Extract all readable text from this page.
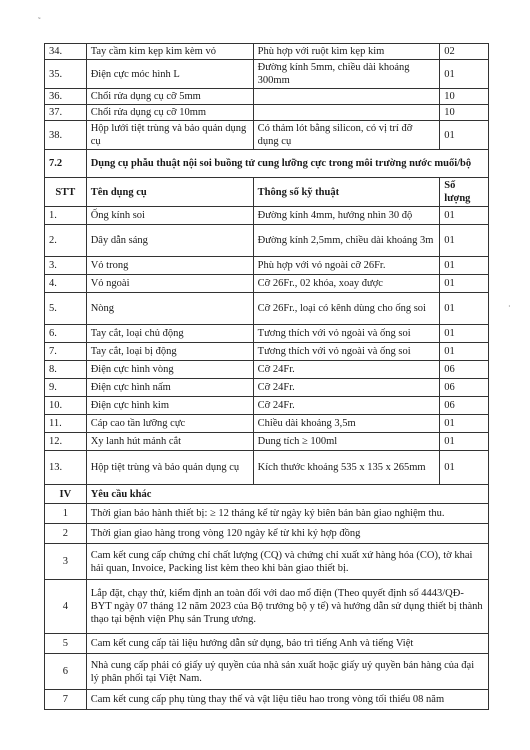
˜
·
34.	Tay cầm kim kẹp kim kèm vỏ	Phù hợp với ruột kìm kẹp kim	02
35.	Điện cực móc hình L	Đường kính 5mm, chiều dài khoảng 300mm	01
36.	Chổi rửa dụng cụ cỡ 5mm		10
37.	Chổi rửa dụng cụ cỡ 10mm		10
38.	Hộp lưới tiệt trùng và bảo quản dụng cụ	Có thảm lót bằng silicon, có vị trí đỡ dụng cụ	01
7.2	Dụng cụ phẫu thuật nội soi buồng tử cung lưỡng cực trong môi trường nước muối/bộ		
STT	Tên dụng cụ	Thông số kỹ thuật	Số lượng
1.	Ống kính soi	Đường kính 4mm, hướng nhìn 30 độ	01
2.	Dây dẫn sáng	Đường kính 2,5mm, chiều dài khoảng 3m	01
3.	Vỏ trong	Phù hợp với vỏ ngoài cỡ 26Fr.	01
4.	Vỏ ngoài	Cỡ 26Fr., 02 khóa, xoay được	01
5.	Nòng	Cỡ 26Fr., loại có kênh dùng cho ống soi	01
6.	Tay cắt, loại chủ động	Tương thích với vỏ ngoài và ống soi	01
7.	Tay cắt, loại bị động	Tương thích với vỏ ngoài và ống soi	01
8.	Điện cực hình vòng	Cỡ 24Fr.	06
9.	Điện cực hình nấm	Cỡ 24Fr.	06
10.	Điện cực hình kim	Cỡ 24Fr.	06
11.	Cáp cao tần lưỡng cực	Chiều dài khoảng 3,5m	01
12.	Xy lanh hút mảnh cắt	Dung tích ≥ 100ml	01
13.	Hộp tiệt trùng và bảo quản dụng cụ	Kích thước khoảng 535 x 135 x 265mm	01
IV	Yêu cầu khác		
1	Thời gian bảo hành thiết bị: ≥ 12 tháng kể từ ngày ký biên bản bàn giao nghiệm thu.		
2	Thời gian giao hàng trong vòng 120 ngày kể từ khi ký hợp đồng		
3	Cam kết cung cấp chứng chỉ chất lượng (CQ) và chứng chỉ xuất xứ hàng hóa (CO), tờ khai hải quan, Invoice, Packing list kèm theo khi bàn giao thiết bị.		
4	Lắp đặt, chạy thử, kiểm định an toàn đối với dao mổ điện (Theo quyết định số 4443/QĐ-BYT ngày 07 tháng 12 năm 2023 của Bộ trưởng bộ y tế) và hướng dẫn sử dụng thiết bị thành thạo tại bệnh viện Phụ sản Trung ương.		
5	Cam kết cung cấp tài liệu hướng dẫn sử dụng, bảo trì tiếng Anh và tiếng Việt		
6	Nhà cung cấp phải có giấy uỷ quyền của nhà sản xuất hoặc giấy uỷ quyền bán hàng của đại lý phân phối tại Việt Nam.		
7	Cam kết cung cấp phụ tùng thay thế và vật liệu tiêu hao trong vòng tối thiểu 08 năm		
